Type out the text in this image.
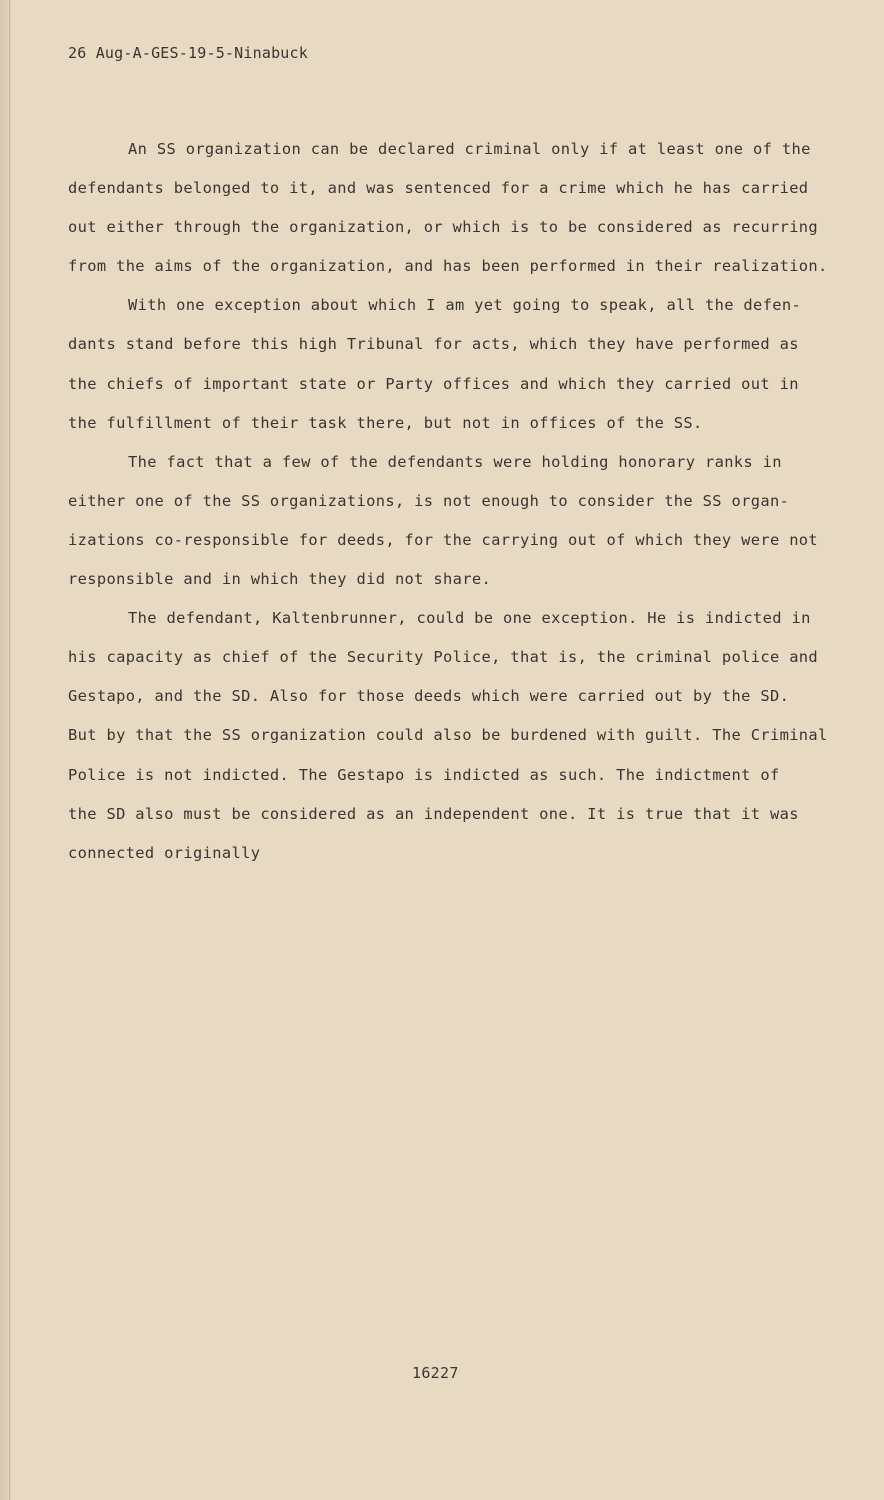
26 Aug-A-GES-19-5-Ninabuck
An SS organization can be declared criminal only if at least one of the
defendants belonged to it, and was sentenced for a crime which he has carried
out either through the organization, or which is to be considered as recurring
from the aims of the organization, and has been performed in their realization.
With one exception about which I am yet going to speak, all the defen-
dants stand before this high Tribunal for acts, which they have performed as
the chiefs of important state or Party offices and which they carried out in
the fulfillment of their task there, but not in offices of the SS.
The fact that a few of the defendants were holding honorary ranks in
either one of the SS organizations, is not enough to consider the SS organ-
izations co-responsible for deeds, for the carrying out of which they were not
responsible and in which they did not share.
The defendant, Kaltenbrunner, could be one exception. He is indicted in
his capacity as chief of the Security Police, that is, the criminal police and
Gestapo, and the SD. Also for those deeds which were carried out by the SD.
But by that the SS organization could also be burdened with guilt. The Criminal
Police is not indicted. The Gestapo is indicted as such. The indictment of
the SD also must be considered as an independent one. It is true that it was
connected originally
16227
